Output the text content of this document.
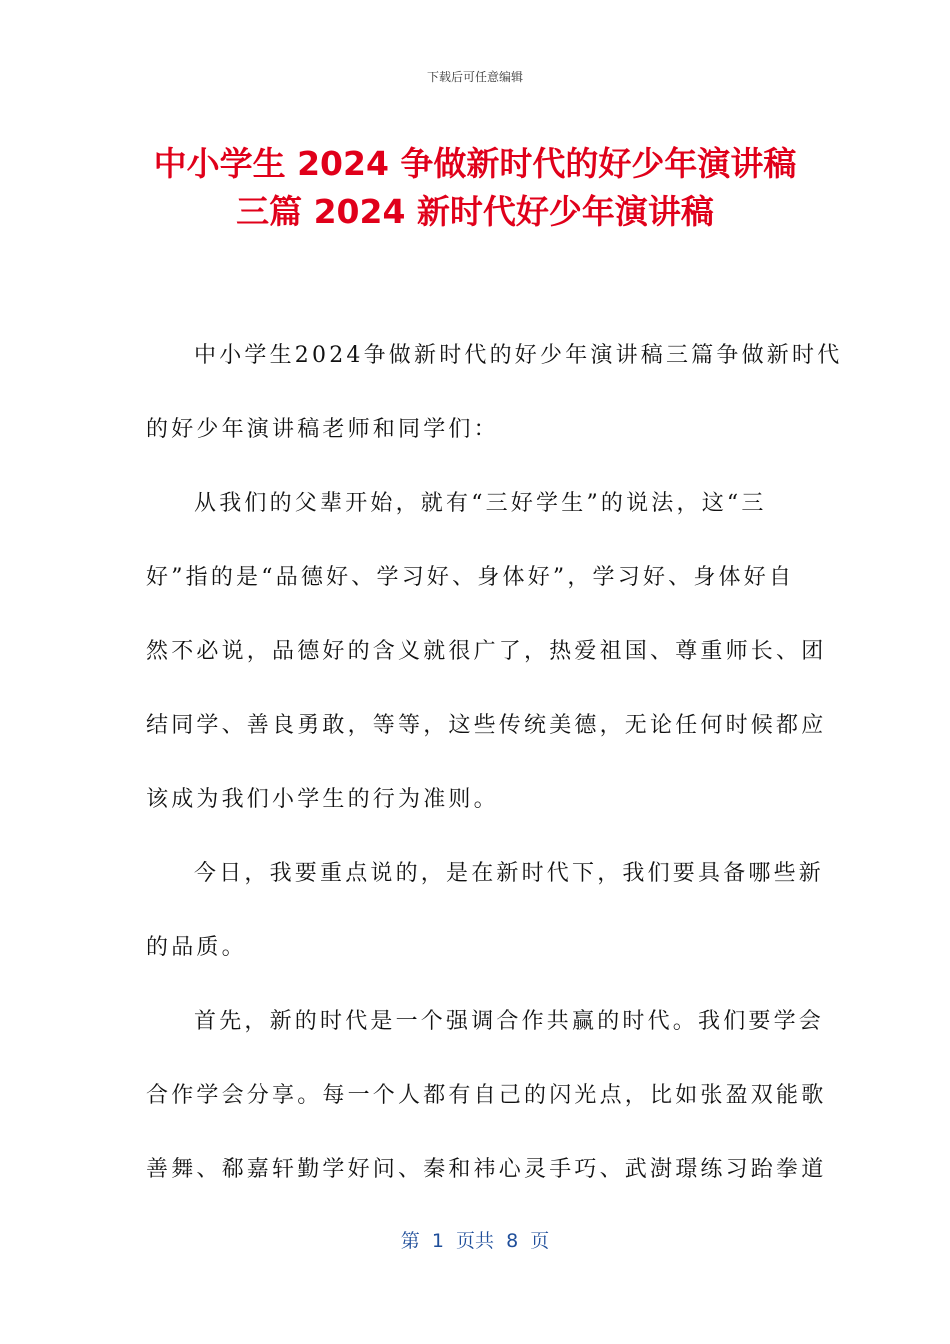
下载后可任意编辑
中小学生 2024 争做新时代的好少年演讲稿
三篇 2024 新时代好少年演讲稿
中小学生2024争做新时代的好少年演讲稿三篇争做新时代
的好少年演讲稿老师和同学们：
从我们的父辈开始，就有“三好学生”的说法，这“三
好”指的是“品德好、学习好、身体好”，学习好、身体好自
然不必说，品德好的含义就很广了，热爱祖国、尊重师长、团
结同学、善良勇敢，等等，这些传统美德，无论任何时候都应
该成为我们小学生的行为准则。
今日，我要重点说的，是在新时代下，我们要具备哪些新
的品质。
首先，新的时代是一个强调合作共赢的时代。我们要学会
合作学会分享。每一个人都有自己的闪光点，比如张盈双能歌
善舞、郗嘉轩勤学好问、秦和祎心灵手巧、武澍璟练习跆拳道
第  1  页共  8  页
